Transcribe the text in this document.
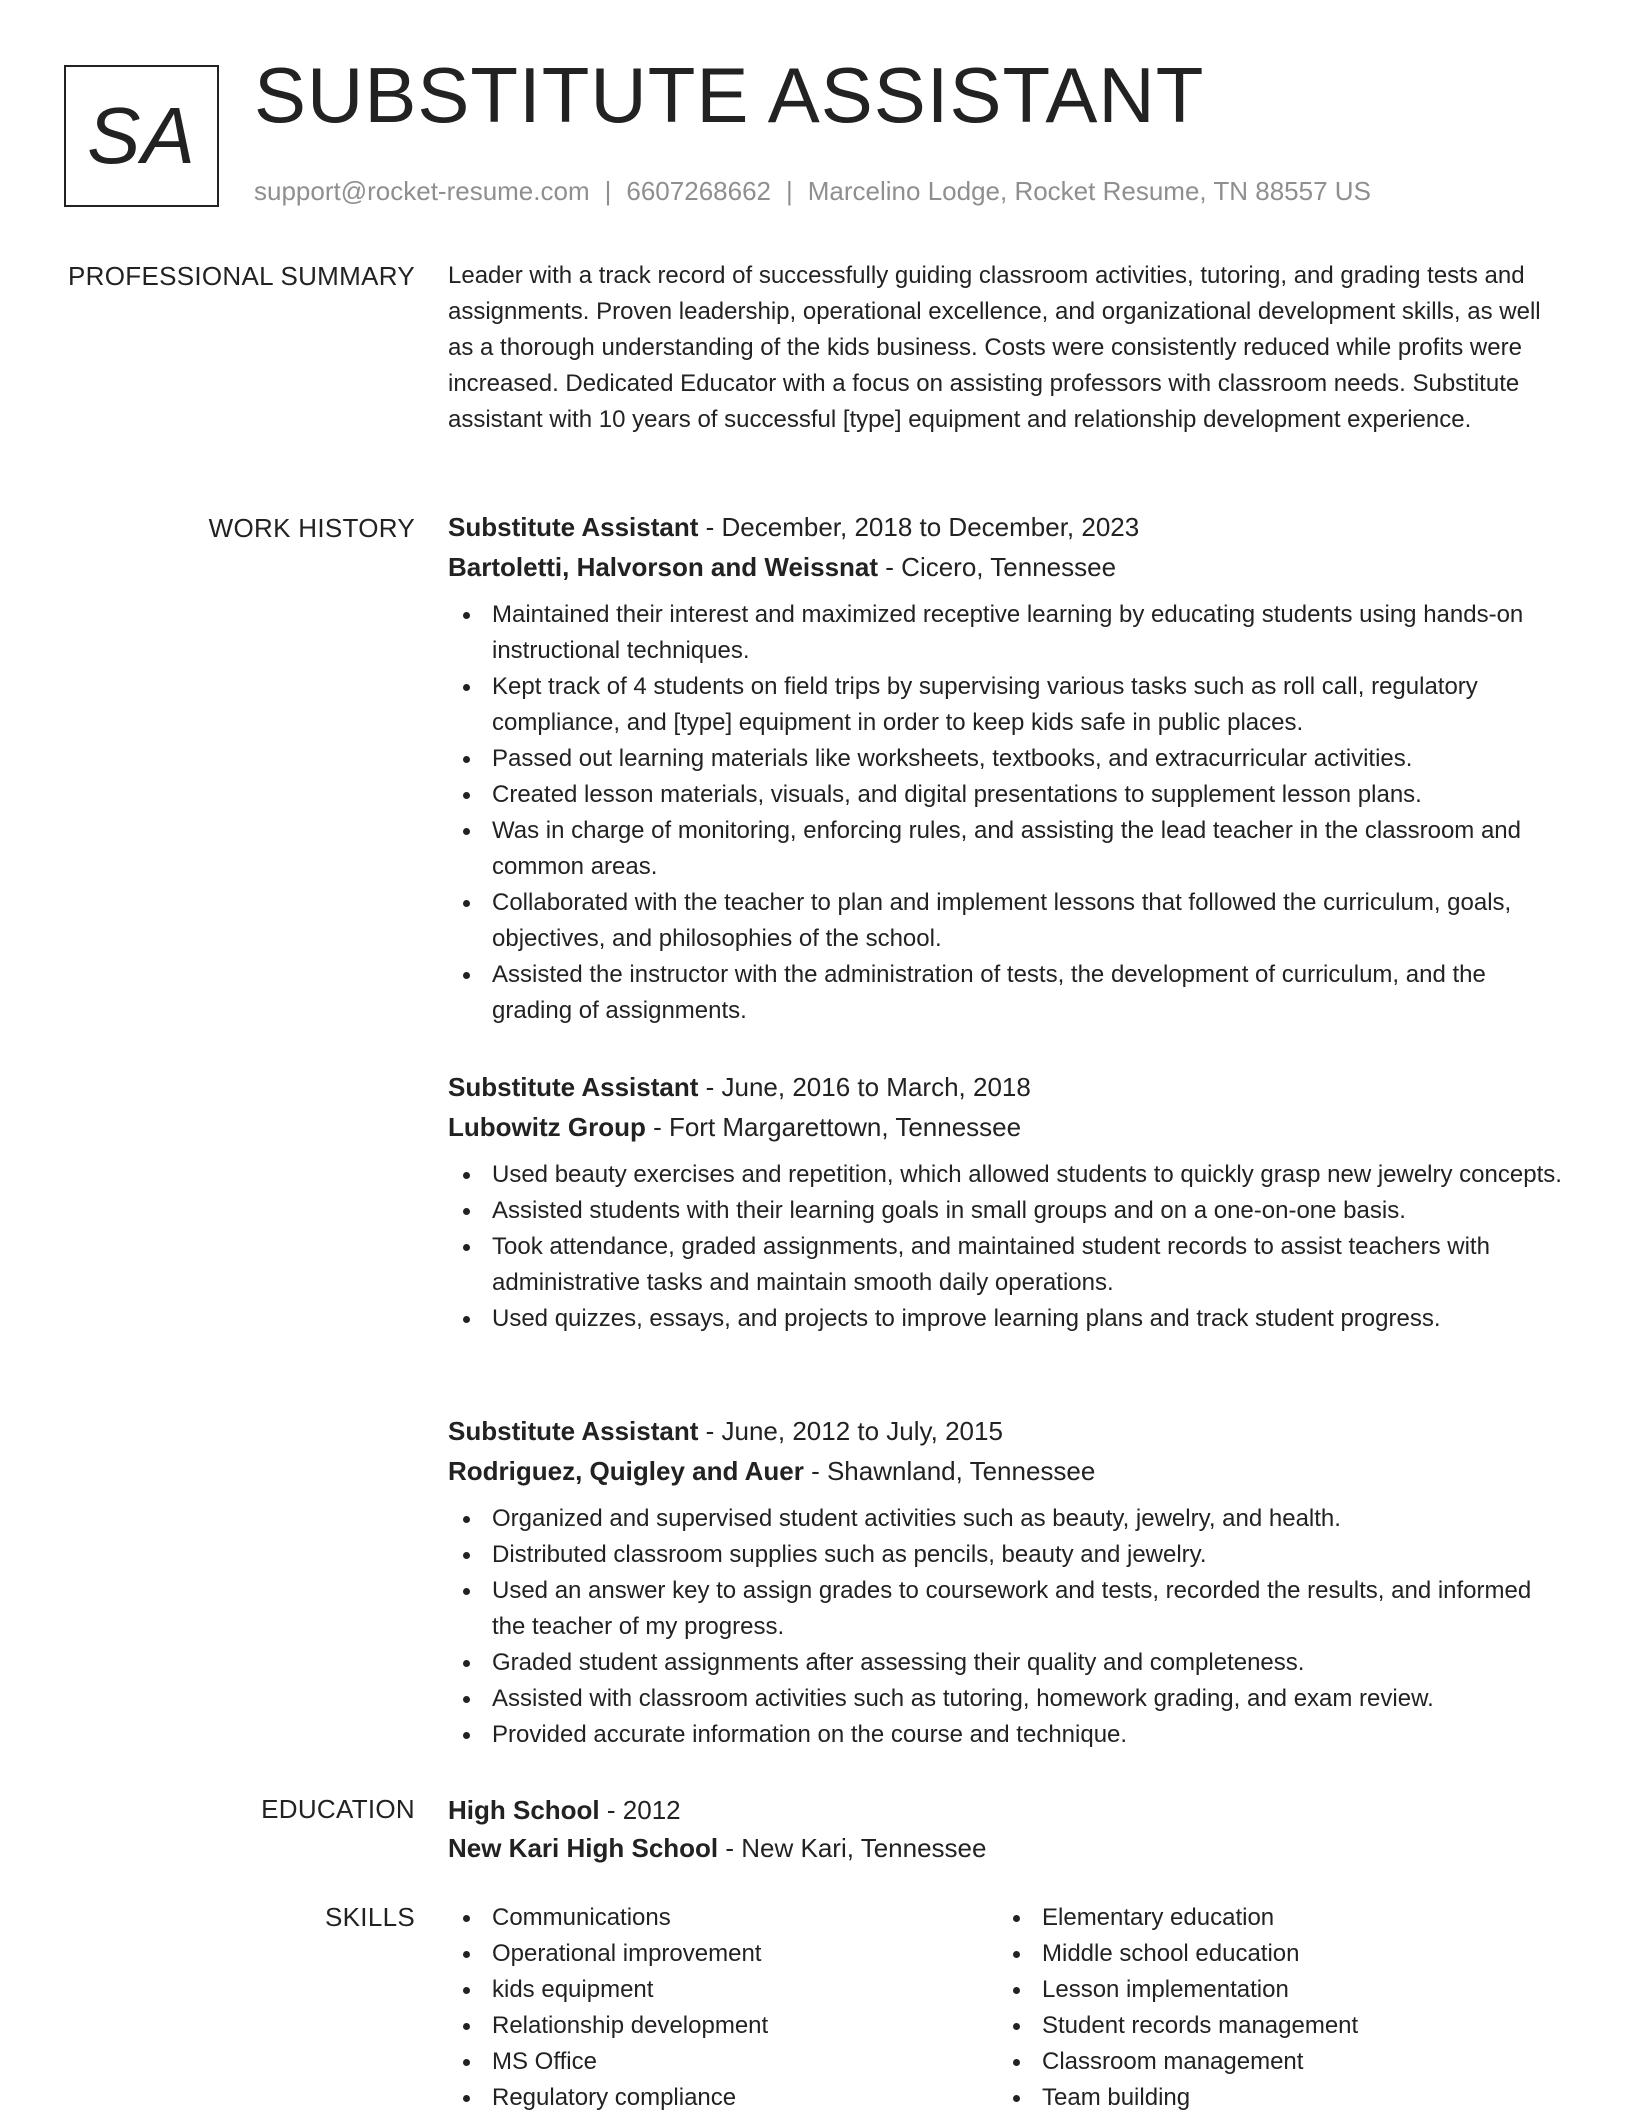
SA SUBSTITUTE ASSISTANT
support@rocket-resume.com | 6607268662 | Marcelino Lodge, Rocket Resume, TN 88557 US
PROFESSIONAL SUMMARY Leader with a track record of successfully guiding classroom activities, tutoring, and grading tests and assignments. Proven leadership, operational excellence, and organizational development skills, as well as a thorough understanding of the kids business. Costs were consistently reduced while profits were increased. Dedicated Educator with a focus on assisting professors with classroom needs. Substitute assistant with 10 years of successful [type] equipment and relationship development experience.

WORK HISTORY Substitute Assistant - December, 2018 to December, 2023
Bartoletti, Halvorson and Weissnat - Cicero, Tennessee
Maintained their interest and maximized receptive learning by educating students using hands-on instructional techniques.
Kept track of 4 students on field trips by supervising various tasks such as roll call, regulatory compliance, and [type] equipment in order to keep kids safe in public places.
Passed out learning materials like worksheets, textbooks, and extracurricular activities.
Created lesson materials, visuals, and digital presentations to supplement lesson plans.
Was in charge of monitoring, enforcing rules, and assisting the lead teacher in the classroom and common areas.
Collaborated with the teacher to plan and implement lessons that followed the curriculum, goals, objectives, and philosophies of the school.
Assisted the instructor with the administration of tests, the development of curriculum, and the grading of assignments.
Substitute Assistant - June, 2016 to March, 2018
Lubowitz Group - Fort Margarettown, Tennessee
Used beauty exercises and repetition, which allowed students to quickly grasp new jewelry concepts.
Assisted students with their learning goals in small groups and on a one-on-one basis.
Took attendance, graded assignments, and maintained student records to assist teachers with administrative tasks and maintain smooth daily operations.
Used quizzes, essays, and projects to improve learning plans and track student progress.
Substitute Assistant - June, 2012 to July, 2015
Rodriguez, Quigley and Auer - Shawnland, Tennessee
Organized and supervised student activities such as beauty, jewelry, and health.
Distributed classroom supplies such as pencils, beauty and jewelry.
Used an answer key to assign grades to coursework and tests, recorded the results, and informed the teacher of my progress.
Graded student assignments after assessing their quality and completeness.
Assisted with classroom activities such as tutoring, homework grading, and exam review.
Provided accurate information on the course and technique.
EDUCATION High School - 2012
New Kari High School - New Kari, Tennessee
SKILLS	Communications
Operational improvement
kids equipment
Relationship development
MS Office
Regulatory compliance
Elementary education
Middle school education
Lesson implementation
Student records management
Classroom management
Team building
